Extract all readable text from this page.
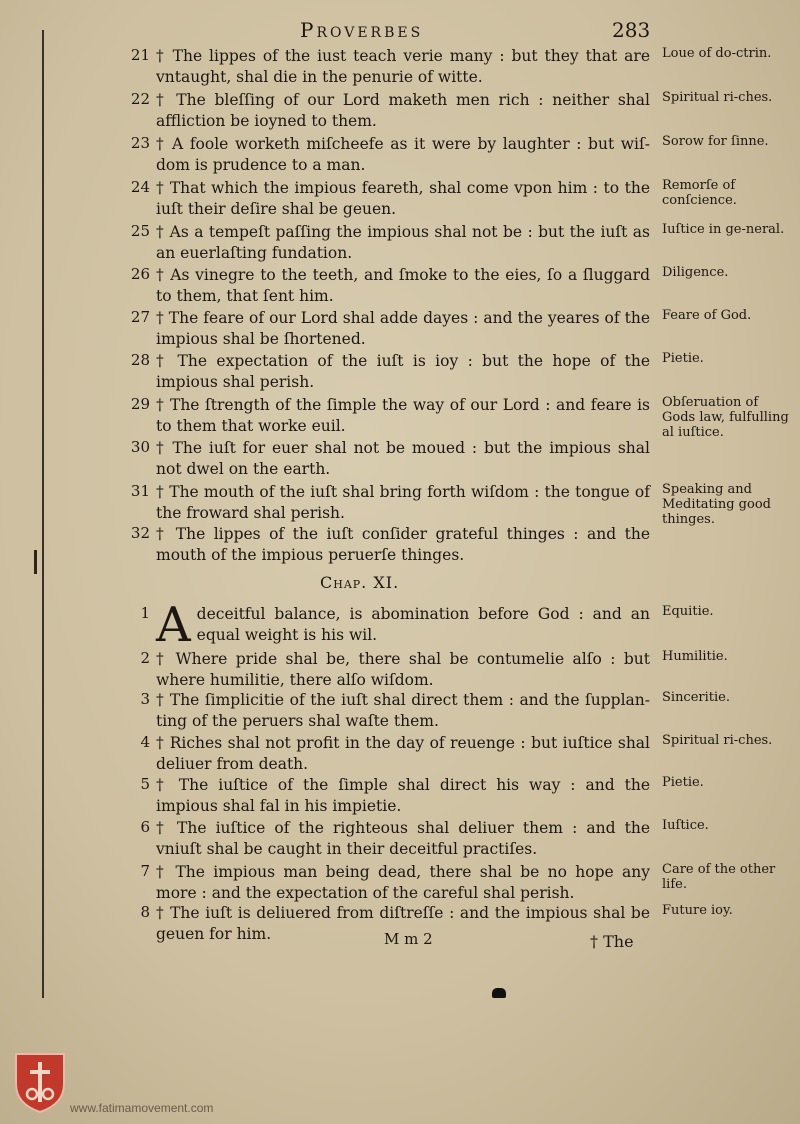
Proverbes	283
21 † The lippes of the iust teach verie many : but they that are vntaught, shal die in the penurie of witte.
Loue of do-ctrin.
22 † The bleſſing of our Lord maketh men rich : neither shal affliction be ioyned to them.
Spiritual ri-ches.
23 † A foole worketh miſcheefe as it were by laughter : but wiſ-dom is prudence to a man.
Sorow for ſinne.
24 † That which the impious feareth, shal come vpon him : to the iuſt their deſire shal be geuen.
Remorſe of conſcience.
25 † As a tempeſt paſſing the impious shal not be : but the iuſt as an euerlaſting fundation.
Iuſtice in ge-neral.
26 † As vinegre to the teeth, and ſmoke to the eies, ſo a ſluggard to them, that ſent him.
Diligence.
27 † The feare of our Lord shal adde dayes : and the yeares of the impious shal be ſhortened.
Feare of God.
28 † The expectation of the iuſt is ioy : but the hope of the impious shal perish.
Pietie.
29 † The ſtrength of the ſimple the way of our Lord : and feare is to them that worke euil.
Obſeruation of Gods law, fulfulling al iuſtice.
30 † The iuſt for euer shal not be moued : but the impious shal not dwel on the earth.
31 † The mouth of the iuſt shal bring forth wiſdom : the tongue of the froward shal perish.
Speaking and Meditating good thinges.
32 † The lippes of the iuſt conſider grateful thinges : and the mouth of the impious peruerſe thinges.
Chap. XI.
1 Adeceitful balance, is abomination before God : and an equal weight is his wil.
Equitie.
2 † Where pride shal be, there shal be contumelie alſo : but where humilitie, there alſo wiſdom.
Humilitie.
3 † The ſimplicitie of the iuſt shal direct them : and the ſupplan-ting of the peruers shal waſte them.
Sinceritie.
4 † Riches shal not profit in the day of reuenge : but iuſtice shal deliuer from death.
Spiritual ri-ches.
5 † The iuſtice of the ſimple shal direct his way : and the impious shal fal in his impietie.
Pietie.
6 † The iuſtice of the righteous shal deliuer them : and the vniuſt shal be caught in their deceitful practiſes.
Iuſtice.
7 † The impious man being dead, there shal be no hope any more : and the expectation of the careful shal perish.
Care of the other life.
8 † The iuſt is deliuered from diſtreſſe : and the impious shal be geuen for him.
Future ioy.
M m 2	† The
www.fatimamovement.com
